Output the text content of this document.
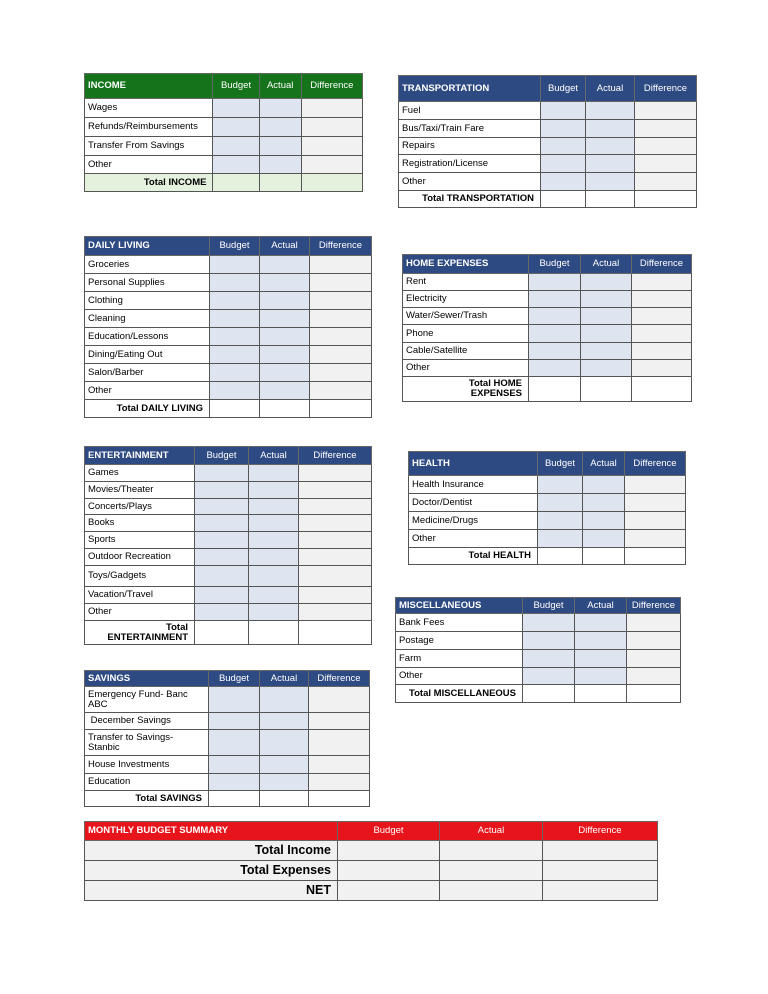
INCOME	Budget	Actual	Difference
Wages			
Refunds/Reimbursements			
Transfer From Savings			
Other			
Total INCOME			
TRANSPORTATION	Budget	Actual	Difference
Fuel			
Bus/Taxi/Train Fare			
Repairs			
Registration/License			
Other			
Total TRANSPORTATION			
DAILY LIVING	Budget	Actual	Difference
Groceries			
Personal Supplies			
Clothing			
Cleaning			
Education/Lessons			
Dining/Eating Out			
Salon/Barber			
Other			
Total DAILY LIVING			
HOME EXPENSES	Budget	Actual	Difference
Rent			
Electricity			
Water/Sewer/Trash			
Phone			
Cable/Satellite			
Other			
Total HOME EXPENSES			
ENTERTAINMENT	Budget	Actual	Difference
Games			
Movies/Theater			
Concerts/Plays			
Books			
Sports			
Outdoor Recreation			
Toys/Gadgets			
Vacation/Travel			
Other			
Total ENTERTAINMENT			
HEALTH	Budget	Actual	Difference
Health Insurance			
Doctor/Dentist			
Medicine/Drugs			
Other			
Total HEALTH			
MISCELLANEOUS	Budget	Actual	Difference
Bank Fees			
Postage			
Farm			
Other			
Total MISCELLANEOUS			
SAVINGS	Budget	Actual	Difference
Emergency Fund- Banc ABC			
December Savings			
Transfer to Savings- Stanbic			
House Investments			
Education			
Total SAVINGS			
MONTHLY BUDGET SUMMARY	Budget	Actual	Difference
Total Income			
Total Expenses			
NET			
